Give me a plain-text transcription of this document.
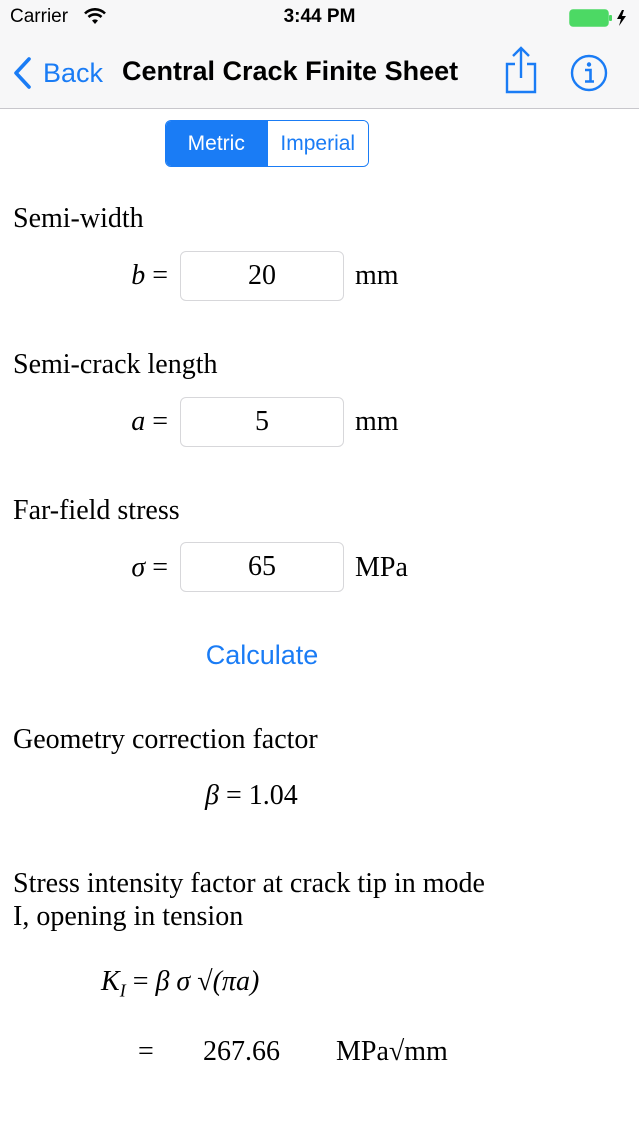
Carrier	3:44 PM
Back Central Crack Finite Sheet
Metric	Imperial
Semi-width
b =
20	mm
Semi-crack length
a =
5	mm
Far-field stress
σ =
65	MPa
Calculate
Geometry correction factor
β = 1.04
Stress intensity factor at crack tip in mode I, opening in tension
$K_I = \beta$ σ √(πa)
= 267.66 MPa√mm
